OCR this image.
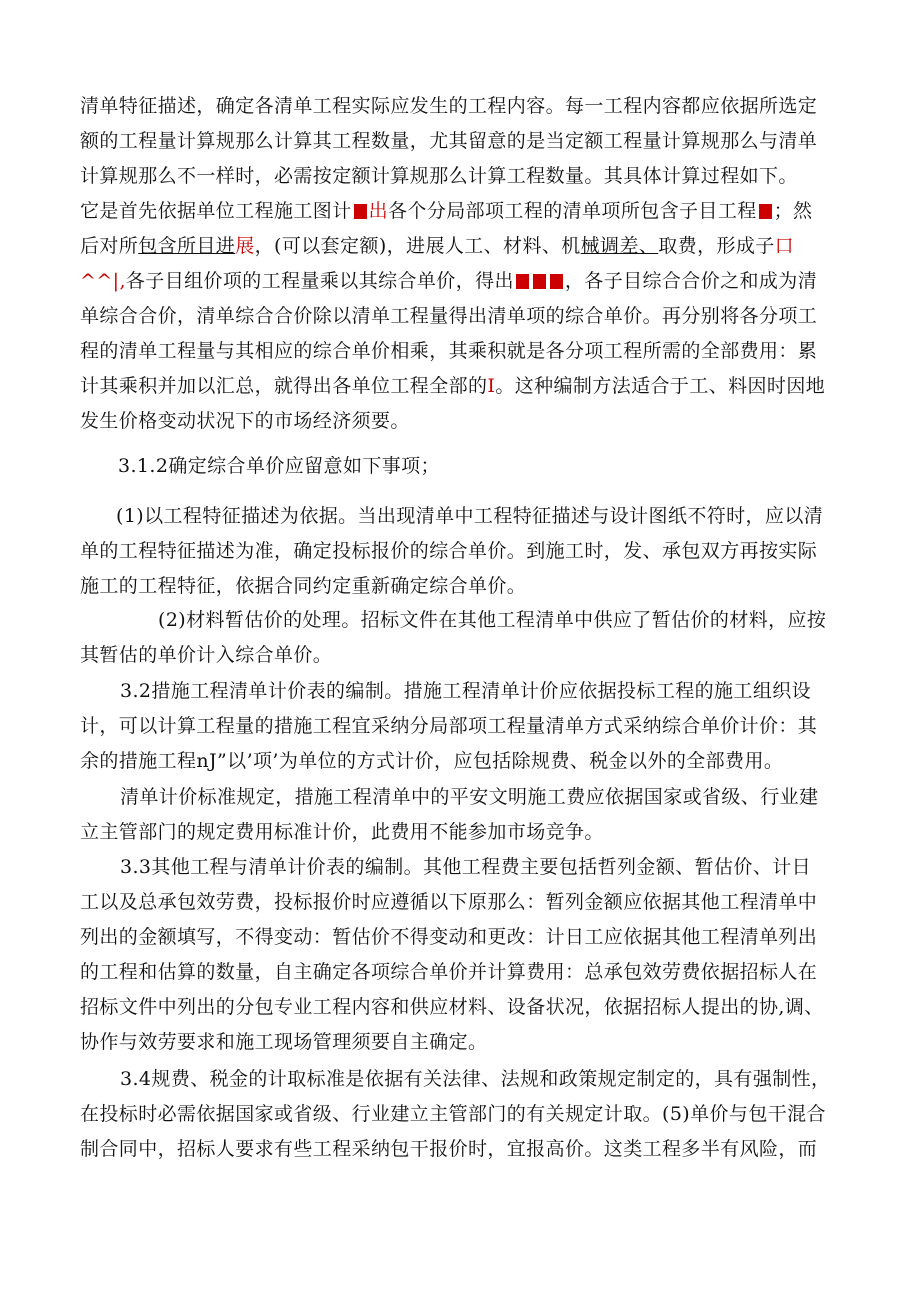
清单特征描述，确定各清单工程实际应发生的工程内容。每一工程内容都应依据所选定
额的工程量计算规那么计算其工程数量，尤其留意的是当定额工程量计算规那么与清单
计算规那么不一样时，必需按定额计算规那么计算工程数量。其具体计算过程如下。
它是首先依据单位工程施工图计 出各个分局部项工程的清单项所包含子目工程 ；然
后对所包含所目进展，(可以套定额)，进展人工、材料、机械调差、取费，形成子口
^^|,各子目组价项的工程量乘以其综合单价，得出	，各子目综合合价之和成为清
单综合合价，清单综合合价除以清单工程量得出清单项的综合单价。再分别将各分项工
程的清单工程量与其相应的综合单价相乘，其乘积就是各分项工程所需的全部费用：累
计其乘积并加以汇总，就得出各单位工程全部的I。这种编制方法适合于工、料因时因地
发生价格变动状况下的市场经济须要。
3.1.2确定综合单价应留意如下事项；
(1)以工程特征描述为依据。当出现清单中工程特征描述与设计图纸不符时，应以清
单的工程特征描述为准，确定投标报价的综合单价。到施工时，发、承包双方再按实际
施工的工程特征，依据合同约定重新确定综合单价。
(2)材料暂估价的处理。招标文件在其他工程清单中供应了暂估价的材料，应按
其暂估的单价计入综合单价。
3.2措施工程清单计价表的编制。措施工程清单计价应依据投标工程的施工组织设
计，可以计算工程量的措施工程宜采纳分局部项工程量清单方式采纳综合单价计价：其
余的措施工程nJ”以’项’为单位的方式计价，应包括除规费、税金以外的全部费用。
清单计价标准规定，措施工程清单中的平安文明施工费应依据国家或省级、行业建
立主管部门的规定费用标准计价，此费用不能参加市场竞争。
3.3其他工程与清单计价表的编制。其他工程费主要包括哲列金额、暂估价、计日
工以及总承包效劳费，投标报价时应遵循以下原那么：暂列金额应依据其他工程清单中
列出的金额填写，不得变动：暂估价不得变动和更改：计日工应依据其他工程清单列出
的工程和估算的数量，自主确定各项综合单价并计算费用：总承包效劳费依据招标人在
招标文件中列出的分包专业工程内容和供应材料、设备状况，依据招标人提出的协,调、
协作与效劳要求和施工现场管理须要自主确定。
3.4规费、税金的计取标准是依据有关法律、法规和政策规定制定的，具有强制性，
在投标时必需依据国家或省级、行业建立主管部门的有关规定计取。(5)单价与包干混合
制合同中，招标人要求有些工程采纳包干报价时，宜报高价。这类工程多半有风险，而
